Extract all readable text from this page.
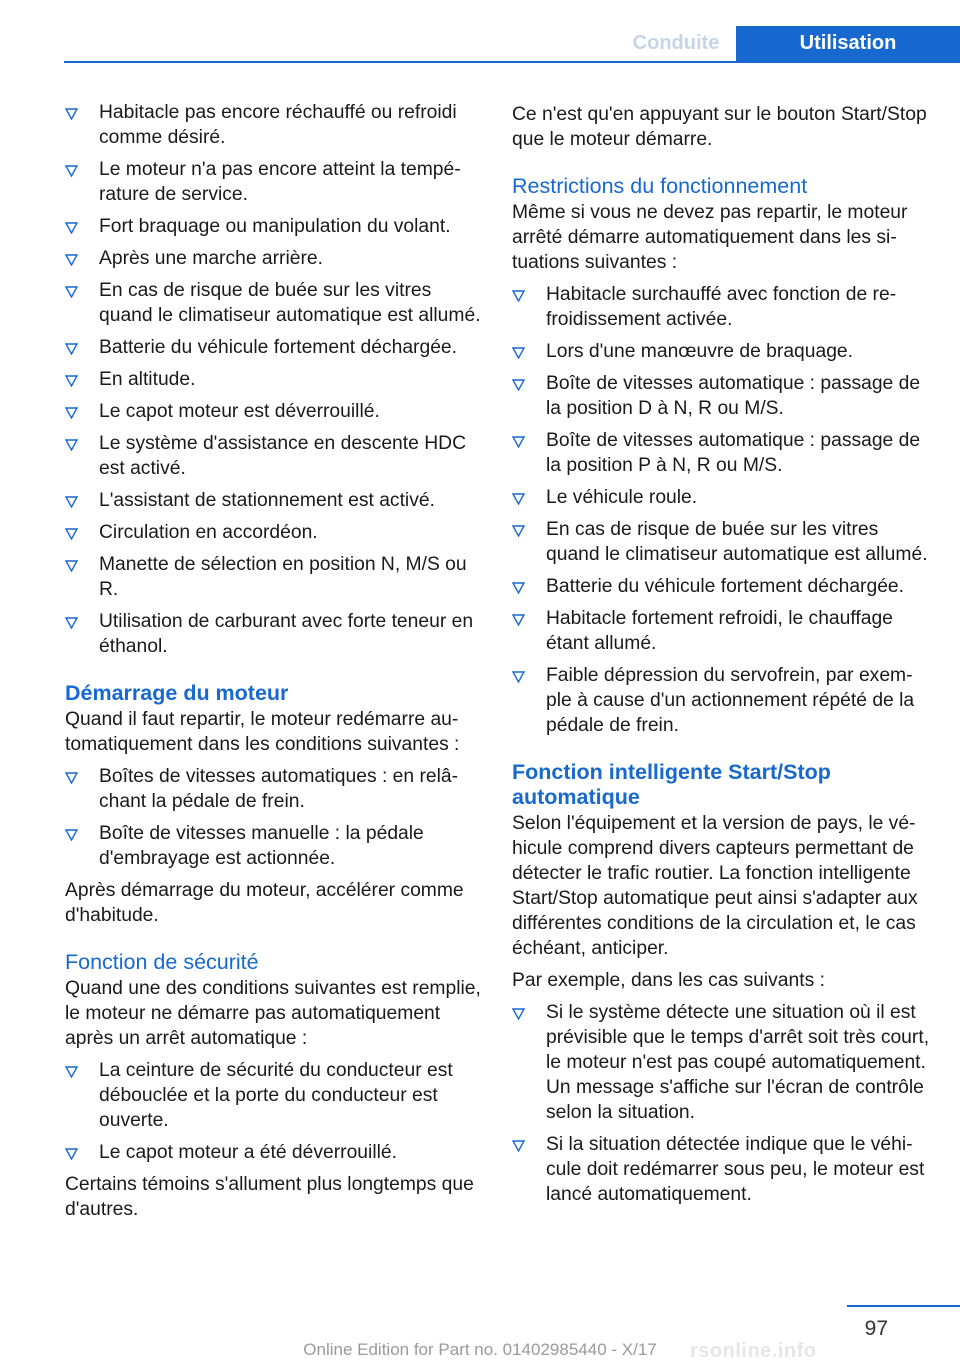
Conduite	Utilisation
Habitacle pas encore réchauffé ou refroidi comme désiré.
Le moteur n'a pas encore atteint la température de service.
Fort braquage ou manipulation du volant.
Après une marche arrière.
En cas de risque de buée sur les vitres quand le climatiseur automatique est allumé.
Batterie du véhicule fortement déchargée.
En altitude.
Le capot moteur est déverrouillé.
Le système d'assistance en descente HDC est activé.
L'assistant de stationnement est activé.
Circulation en accordéon.
Manette de sélection en position N, M/S ou R.
Utilisation de carburant avec forte teneur en éthanol.
Démarrage du moteur

Quand il faut repartir, le moteur redémarre automatiquement dans les conditions suivantes :

Boîtes de vitesses automatiques : en relâchant la pédale de frein.
Boîte de vitesses manuelle : la pédale d'embrayage est actionnée.

Après démarrage du moteur, accélérer comme d'habitude.

Fonction de sécurité

Quand une des conditions suivantes est remplie, le moteur ne démarre pas automatiquement après un arrêt automatique :

La ceinture de sécurité du conducteur est débouclée et la porte du conducteur est ouverte.
Le capot moteur a été déverrouillé.

Certains témoins s'allument plus longtemps que d'autres.

Ce n'est qu'en appuyant sur le bouton Start/Stop que le moteur démarre.

Restrictions du fonctionnement

Même si vous ne devez pas repartir, le moteur arrêté démarre automatiquement dans les situations suivantes :

Habitacle surchauffé avec fonction de refroidissement activée.
Lors d'une manœuvre de braquage.
Boîte de vitesses automatique : passage de la position D à N, R ou M/S.
Boîte de vitesses automatique : passage de la position P à N, R ou M/S.
Le véhicule roule.
En cas de risque de buée sur les vitres quand le climatiseur automatique est allumé.
Batterie du véhicule fortement déchargée.
Habitacle fortement refroidi, le chauffage étant allumé.
Faible dépression du servofrein, par exemple à cause d'un actionnement répété de la pédale de frein.
Fonction intelligente Start/Stop automatique

Selon l'équipement et la version de pays, le véhicule comprend divers capteurs permettant de détecter le trafic routier. La fonction intelligente Start/Stop automatique peut ainsi s'adapter aux différentes conditions de la circulation et, le cas échéant, anticiper.

Par exemple, dans les cas suivants :

Si le système détecte une situation où il est prévisible que le temps d'arrêt soit très court, le moteur n'est pas coupé automatiquement. Un message s'affiche sur l'écran de contrôle selon la situation.
Si la situation détectée indique que le véhicule doit redémarrer sous peu, le moteur est lancé automatiquement.
97
Online Edition for Part no. 01402985440 - X/17	rsonline.info
